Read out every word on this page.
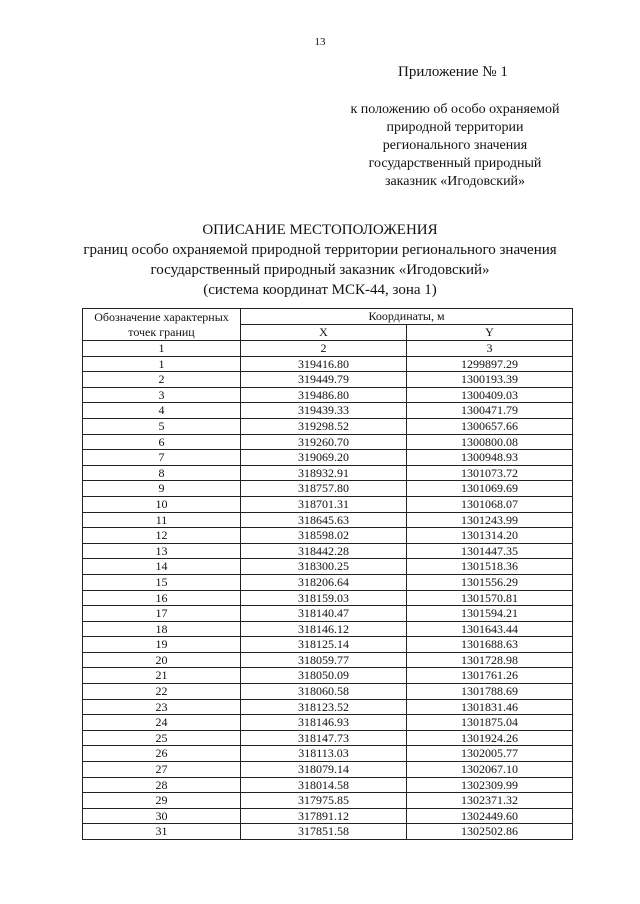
13
Приложение № 1
к положению об особо охраняемой
природной территории
регионального значения
государственный природный
заказник «Игодовский»
ОПИСАНИЕ МЕСТОПОЛОЖЕНИЯ
границ особо охраняемой природной территории регионального значения
государственный природный заказник «Игодовский»
(система координат МСК-44, зона 1)
Обозначение характерных точек границ	Координаты, м	
	X	Y
1	2	3
1	319416.80	1299897.29
2	319449.79	1300193.39
3	319486.80	1300409.03
4	319439.33	1300471.79
5	319298.52	1300657.66
6	319260.70	1300800.08
7	319069.20	1300948.93
8	318932.91	1301073.72
9	318757.80	1301069.69
10	318701.31	1301068.07
11	318645.63	1301243.99
12	318598.02	1301314.20
13	318442.28	1301447.35
14	318300.25	1301518.36
15	318206.64	1301556.29
16	318159.03	1301570.81
17	318140.47	1301594.21
18	318146.12	1301643.44
19	318125.14	1301688.63
20	318059.77	1301728.98
21	318050.09	1301761.26
22	318060.58	1301788.69
23	318123.52	1301831.46
24	318146.93	1301875.04
25	318147.73	1301924.26
26	318113.03	1302005.77
27	318079.14	1302067.10
28	318014.58	1302309.99
29	317975.85	1302371.32
30	317891.12	1302449.60
31	317851.58	1302502.86
